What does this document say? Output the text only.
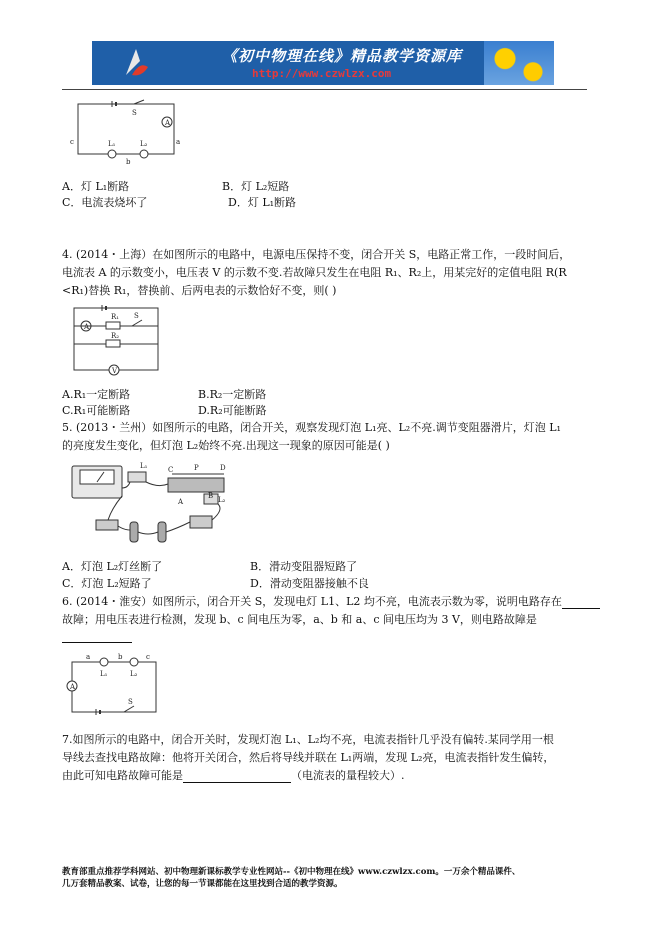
《初中物理在线》精品教学资源库
http://www.czwlzx.com
S
A
c	a
L₁	L₂
b
A．灯 L₁断路	B．灯 L₂短路
C．电流表烧坏了	D．灯 L₁断路
4. (2014・上海）在如图所示的电路中，电源电压保持不变，闭合开关 S，电路正常工作，一段时间后，
电流表 A 的示数变小，电压表 V 的示数不变.若故障只发生在电阻 R₁、R₂上，用某完好的定值电阻 R(R
<R₁)替换 R₁，替换前、后两电表的示数恰好不变，则( )
A
R₁ S
R₂
V
A.R₁一定断路	B.R₂一定断路
C.R₁可能断路	D.R₂可能断路
5. (2013・兰州）如图所示的电路，闭合开关，观察发现灯泡 L₁亮、L₂不亮.调节变阻器滑片，灯泡 L₁
的亮度发生变化，但灯泡 L₂始终不亮.出现这一现象的原因可能是( )
L₁	C	P	D
L₂
A
B
A．灯泡 L₂灯丝断了	B．滑动变阻器短路了
C．灯泡 L₂短路了	D．滑动变阻器接触不良
6. (2014・淮安）如图所示，闭合开关 S，发现电灯 L1、L2 均不亮，电流表示数为零，说明电路存在
故障；用电压表进行检测，发现 b、c 间电压为零，a、b 和 a、c 间电压均为 3 V，则电路故障是
a	b	c
L₁	L₂
A
S
7.如图所示的电路中，闭合开关时，发现灯泡 L₁、L₂均不亮，电流表指针几乎没有偏转.某同学用一根
导线去查找电路故障：他将开关闭合，然后将导线并联在 L₁两端，发现 L₂亮，电流表指针发生偏转，
由此可知电路故障可能是	（电流表的量程较大）.
教育部重点推荐学科网站、初中物理新课标教学专业性网站--《初中物理在线》www.czwlzx.com。一万余个精品课件、
几万套精品教案、试卷，让您的每一节课都能在这里找到合适的教学资源。
